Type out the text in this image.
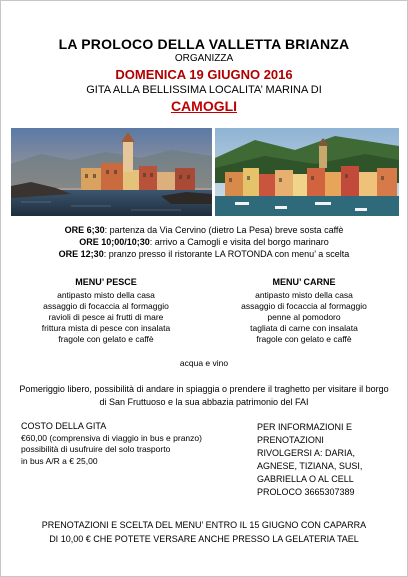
LA PROLOCO DELLA VALLETTA BRIANZA
ORGANIZZA
DOMENICA 19 GIUGNO 2016
GITA ALLA BELLISSIMA LOCALITA’ MARINA DI
CAMOGLI
ORE 6;30: partenza da Via Cervino (dietro La Pesa) breve sosta caffè
ORE 10;00/10;30: arrivo a Camogli e visita del borgo marinaro
ORE 12;30: pranzo presso il ristorante LA ROTONDA con menu’ a scelta
MENU’ PESCE
antipasto misto della casa
assaggio di focaccia al formaggio
ravioli di pesce ai frutti di mare
frittura mista di pesce con insalata
fragole con gelato e caffè
MENU’ CARNE
antipasto misto della casa
assaggio di focaccia al formaggio
penne al pomodoro
tagliata di carne con insalata
fragole con gelato e caffè
acqua e vino
Pomeriggio libero, possibilità di andare in spiaggia o prendere il traghetto per visitare il borgo di San Fruttuoso e la sua abbazia patrimonio del FAI
COSTO DELLA GITA
€60,00 (comprensiva di viaggio in bus e pranzo)
possibilità di usufruire del solo trasporto
in bus A/R a € 25,00
PER INFORMAZIONI E
PRENOTAZIONI
RIVOLGERSI A: DARIA,
AGNESE, TIZIANA, SUSI,
GABRIELLA O AL CELL
PROLOCO 3665307389
PRENOTAZIONI E SCELTA DEL MENU’ ENTRO IL 15 GIUGNO CON CAPARRA
DI 10,00 € CHE POTETE VERSARE ANCHE PRESSO LA GELATERIA TAEL
